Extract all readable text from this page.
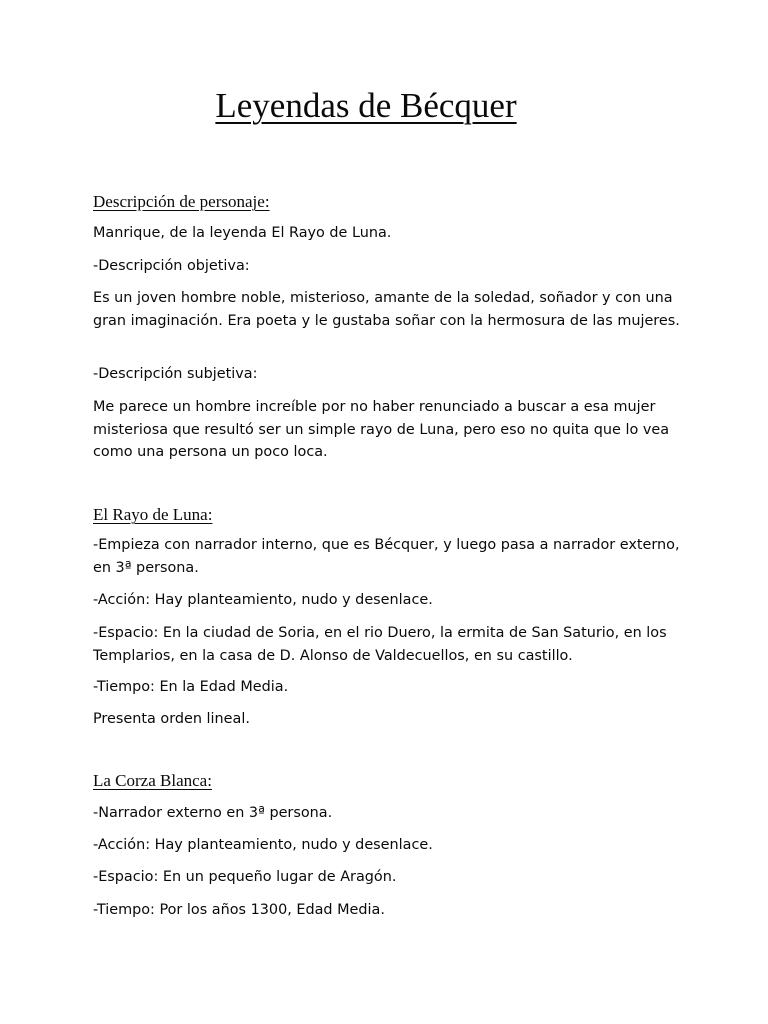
Leyendas de Bécquer
Descripción de personaje:

Manrique, de la leyenda El Rayo de Luna.

-Descripción objetiva:

Es un joven hombre noble, misterioso, amante de la soledad, soñador y con una gran imaginación. Era poeta y le gustaba soñar con la hermosura de las mujeres.

-Descripción subjetiva:

Me parece un hombre increíble por no haber renunciado a buscar a esa mujer misteriosa que resultó ser un simple rayo de Luna, pero eso no quita que lo vea como una persona un poco loca.

El Rayo de Luna:

-Empieza con narrador interno, que es Bécquer, y luego pasa a narrador externo, en 3ª persona.

-Acción: Hay planteamiento, nudo y desenlace.

-Espacio: En la ciudad de Soria, en el rio Duero, la ermita de San Saturio, en los Templarios, en la casa de D. Alonso de Valdecuellos, en su castillo.

-Tiempo: En la Edad Media.

Presenta orden lineal.

La Corza Blanca:

-Narrador externo en 3ª persona.

-Acción: Hay planteamiento, nudo y desenlace.

-Espacio: En un pequeño lugar de Aragón.

-Tiempo: Por los años 1300, Edad Media.
